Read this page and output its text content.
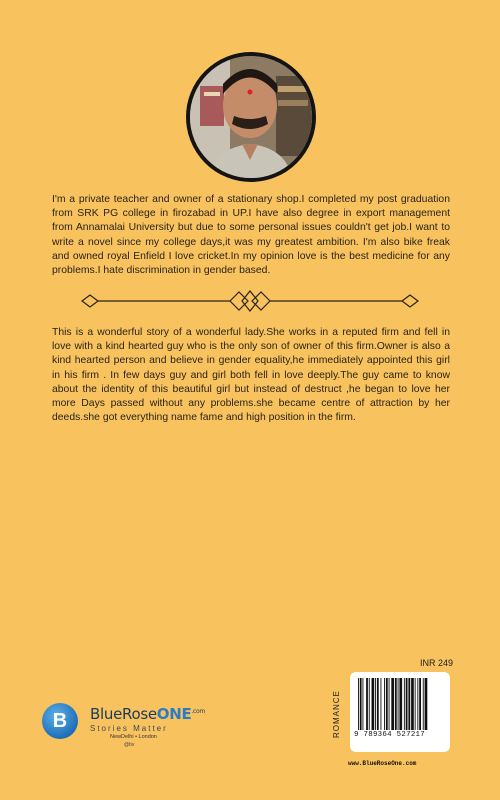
I'm a private teacher and owner of a stationary shop.I completed my post graduation from SRK PG college in firozabad in UP.I have also degree in export management from Annamalai University but due to some personal issues couldn't get job.I want to write a novel since my college days,it was my greatest ambition. I'm also bike freak and owned royal Enfield I love cricket.In my opinion love is the best medicine for any problems.I hate discrimination in gender based.

This is a wonderful story of a wonderful lady.She works in a reputed firm and fell in love with a kind hearted guy who is the only son of owner of this firm.Owner is also a kind hearted person and believe in gender equality,he immediately appointed this girl in his firm . In few days guy and girl both fell in love deeply.The guy came to know about the identity of this beautiful girl but instead of destruct ,he began to love her more Days passed without any problems.she became centre of attraction by her deeds.she got everything name fame and high position in the firm.

B BlueRoseONE$^{.com}$
Stories Matter
NewDelhi • London
@bv
ROMANCE
INR 249
9 789364 527217
www.BlueRoseOne.com
